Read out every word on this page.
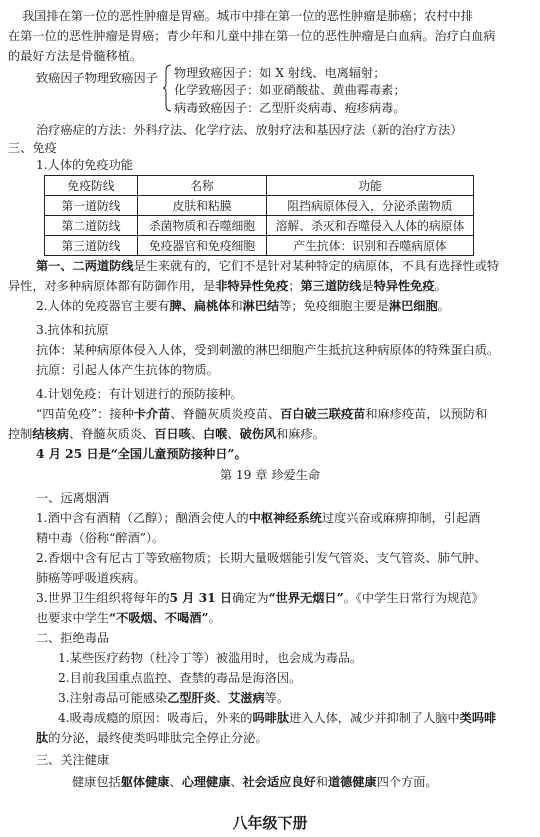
我国排在第一位的恶性肿瘤是胃癌。城市中排在第一位的恶性肿瘤是肺癌；农村中排
在第一位的恶性肿瘤是胃癌；青少年和儿童中排在第一位的恶性肿瘤是白血病。治疗白血病
的最好方法是骨髓移植。
致癌因子物理致癌因子	物理致癌因子：如 X 射线、电离辐射；
化学致癌因子：如亚硝酸盐、黄曲霉毒素；
病毒致癌因子：乙型肝炎病毒、疱疹病毒。
治疗癌症的方法：外科疗法、化学疗法、放射疗法和基因疗法（新的治疗方法）
三、免疫
1.人体的免疫功能
免疫防线	名称	功能
第一道防线	皮肤和粘膜	阻挡病原体侵入，分泌杀菌物质
第二道防线	杀菌物质和吞噬细胞	溶解、杀灭和吞噬侵入人体的病原体
第三道防线	免疫器官和免疫细胞	产生抗体：识别和吞噬病原体
第一、二两道防线是生来就有的，它们不是针对某种特定的病原体，不具有选择性或特
异性，对多种病原体都有防御作用，是非特异性免疫；第三道防线是特异性免疫。
2.人体的免疫器官主要有脾、扁桃体和淋巴结等；免疫细胞主要是淋巴细胞。
3.抗体和抗原
抗体：某种病原体侵入人体，受到刺激的淋巴细胞产生抵抗这种病原体的特殊蛋白质。
抗原：引起人体产生抗体的物质。
4.计划免疫：有计划进行的预防接种。
“四苗免疫”：接种卡介苗、脊髓灰质炎疫苗、百白破三联疫苗和麻疹疫苗，以预防和
控制结核病、脊髓灰质炎、百日咳、白喉、破伤风和麻疹。
4 月 25 日是“全国儿童预防接种日”。
第 19 章 珍爱生命
一、远离烟酒
1.酒中含有酒精（乙醇）；酗酒会使人的中枢神经系统过度兴奋或麻痹抑制，引起酒
精中毒（俗称“醉酒”）。
2.香烟中含有尼古丁等致癌物质；长期大量吸烟能引发气管炎、支气管炎、肺气肿、
肺癌等呼吸道疾病。
3.世界卫生组织将每年的5 月 31 日确定为“世界无烟日”。《中学生日常行为规范》
也要求中学生“不吸烟、不喝酒”。
二、拒绝毒品
1.某些医疗药物（杜冷丁等）被滥用时，也会成为毒品。
2.目前我国重点监控、查禁的毒品是海洛因。
3.注射毒品可能感染乙型肝炎、艾滋病等。
4.吸毒成瘾的原因：吸毒后，外来的吗啡肽进入人体，减少并抑制了人脑中类吗啡
肽的分泌，最终使类吗啡肽完全停止分泌。
三、关注健康
健康包括躯体健康、心理健康、社会适应良好和道德健康四个方面。
八年级下册
